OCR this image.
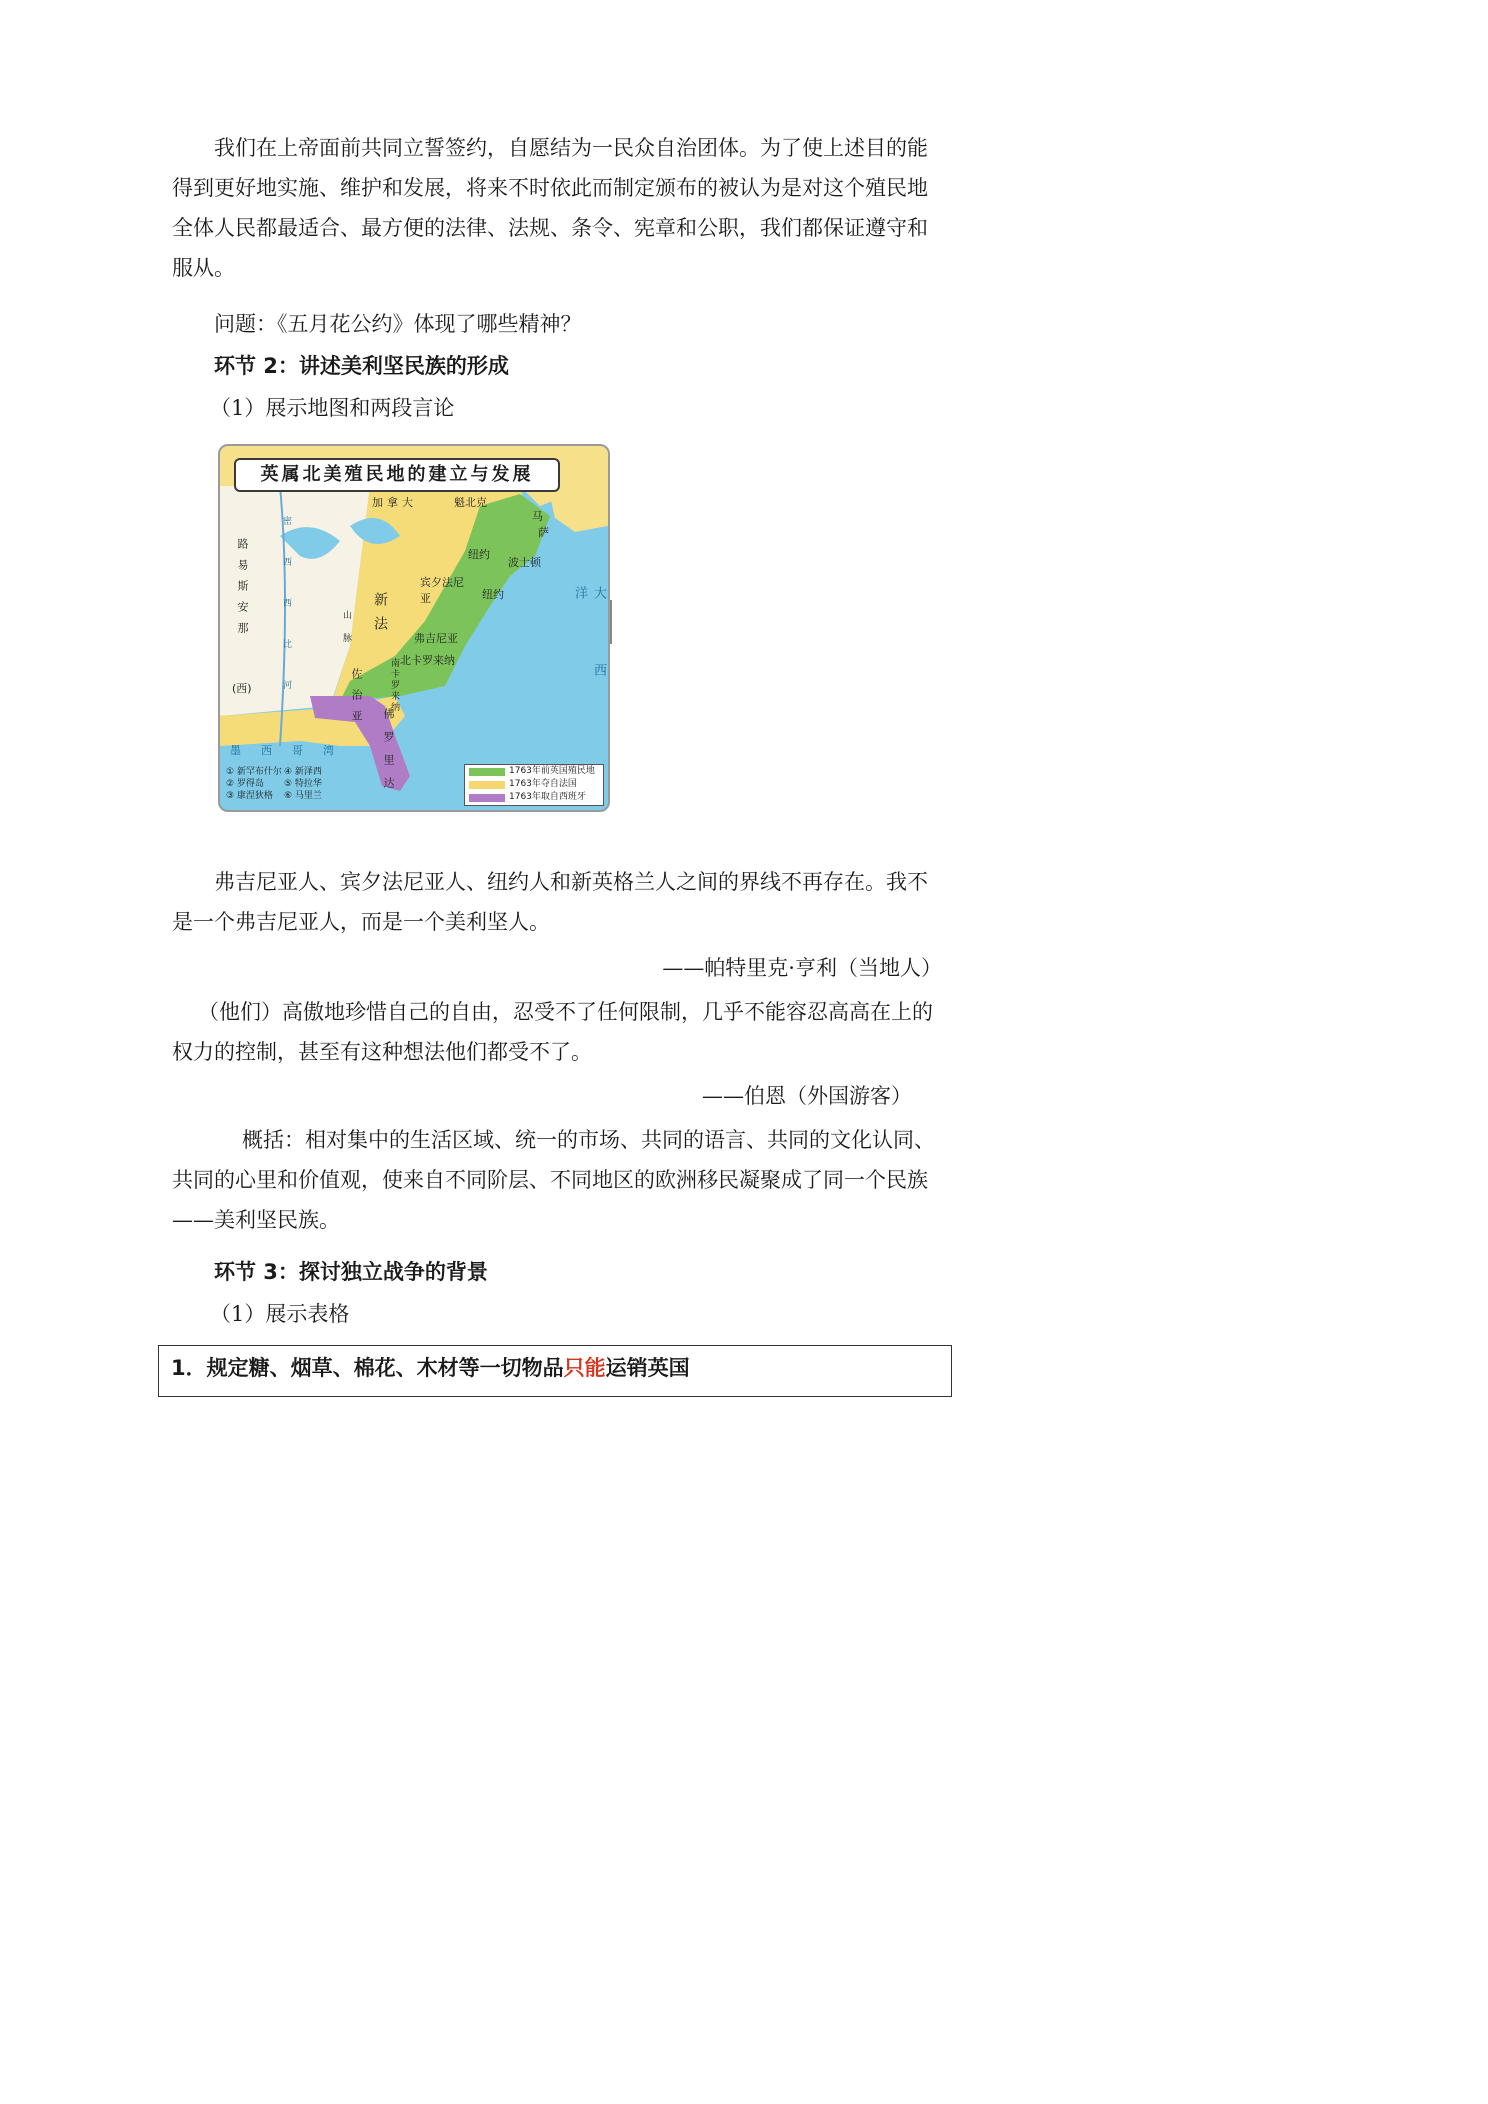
我们在上帝面前共同立誓签约，自愿结为一民众自治团体。为了使上述目的能得到更好地实施、维护和发展，将来不时依此而制定颁布的被认为是对这个殖民地全体人民都最适合、最方便的法律、法规、条令、宪章和公职，我们都保证遵守和服从。

问题：《五月花公约》体现了哪些精神？

环节 2：讲述美利坚民族的形成

（1）展示地图和两段言论

英属北美殖民地的建立与发展
加拿大	魁北克
马
萨
路易斯安那
(西)
新法
纽约
波士顿
纽约
宾夕法尼亚
弗吉尼亚
北卡罗来纳
佐治亚	南卡罗来纳
佛罗里达
山脉	大西洋
墨西哥湾
密西西比河
① 新罕布什尔 ④ 新泽西 ② 罗得岛 ⑤ 特拉华 ③ 康涅狄格 ⑥ 马里兰
1763年前英国殖民地
1763年夺自法国
1763年取自西班牙

弗吉尼亚人、宾夕法尼亚人、纽约人和新英格兰人之间的界线不再存在。我不是一个弗吉尼亚人，而是一个美利坚人。

——帕特里克·亨利（当地人）

（他们）高傲地珍惜自己的自由，忍受不了任何限制，几乎不能容忍高高在上的权力的控制，甚至有这种想法他们都受不了。

——伯恩（外国游客）

概括：相对集中的生活区域、统一的市场、共同的语言、共同的文化认同、共同的心里和价值观，使来自不同阶层、不同地区的欧洲移民凝聚成了同一个民族——美利坚民族。

环节 3：探讨独立战争的背景

（1）展示表格

1．规定糖、烟草、棉花、木材等一切物品只能运销英国
